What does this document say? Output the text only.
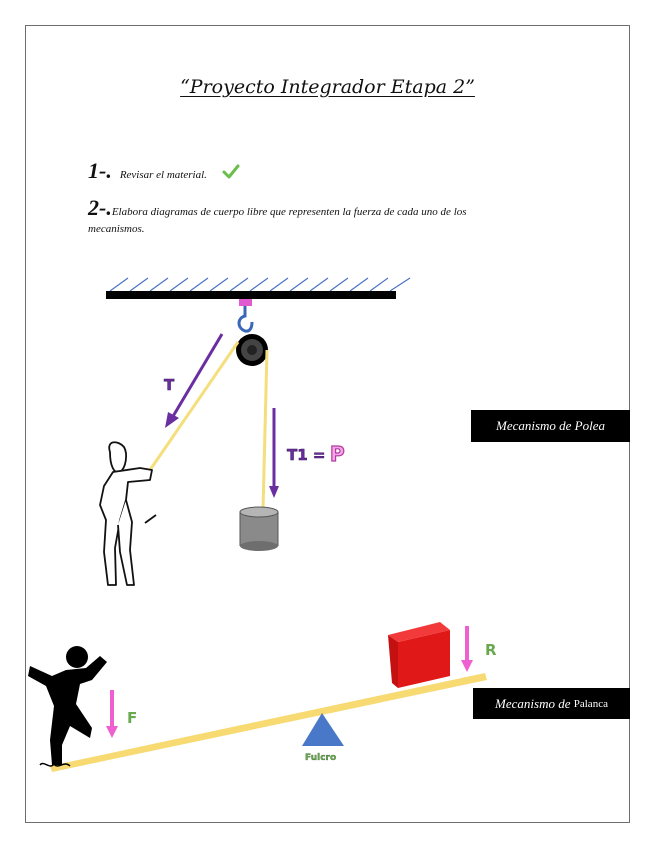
“Proyecto Integrador Etapa 2”
1-. Revisar el material.
2-.Elabora diagramas de cuerpo libre que representen la fuerza de cada uno de los
mecanismos.
T
T1 = P
Fulcro
R
F
Mecanismo de Polea
Mecanismo de Palanca
